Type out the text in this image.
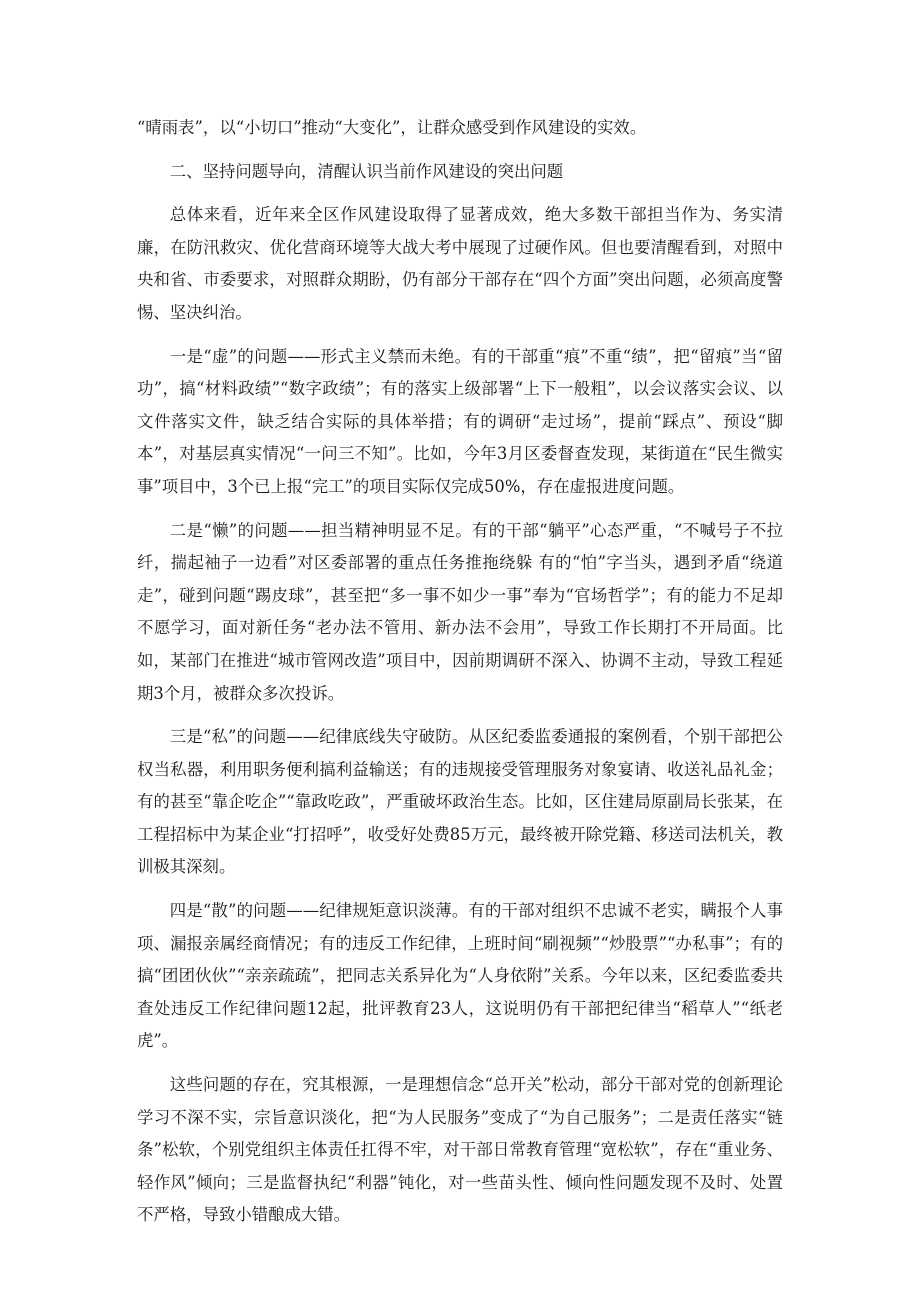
“晴雨表”，以“小切口”推动“大变化”，让群众感受到作风建设的实效。

二、坚持问题导向，清醒认识当前作风建设的突出问题

总体来看，近年来全区作风建设取得了显著成效，绝大多数干部担当作为、务实清廉，在防汛救灾、优化营商环境等大战大考中展现了过硬作风。但也要清醒看到，对照中央和省、市委要求，对照群众期盼，仍有部分干部存在“四个方面”突出问题，必须高度警惕、坚决纠治。

一是“虚”的问题——形式主义禁而未绝。有的干部重“痕”不重“绩”，把“留痕”当“留功”，搞“材料政绩”“数字政绩”；有的落实上级部署“上下一般粗”，以会议落实会议、以文件落实文件，缺乏结合实际的具体举措；有的调研“走过场”，提前“踩点”、预设“脚本”，对基层真实情况“一问三不知”。比如，今年3月区委督查发现，某街道在“民生微实事”项目中，3个已上报“完工”的项目实际仅完成50%，存在虚报进度问题。

二是“懒”的问题——担当精神明显不足。有的干部“躺平”心态严重，“不喊号子不拉纤，揣起袖子一边看”对区委部署的重点任务推拖绕躲 有的“怕”字当头，遇到矛盾“绕道走”，碰到问题“踢皮球”，甚至把“多一事不如少一事”奉为“官场哲学”；有的能力不足却不愿学习，面对新任务“老办法不管用、新办法不会用”，导致工作长期打不开局面。比如，某部门在推进“城市管网改造”项目中，因前期调研不深入、协调不主动，导致工程延期3个月，被群众多次投诉。

三是“私”的问题——纪律底线失守破防。从区纪委监委通报的案例看，个别干部把公权当私器，利用职务便利搞利益输送；有的违规接受管理服务对象宴请、收送礼品礼金；有的甚至“靠企吃企”“靠政吃政”，严重破坏政治生态。比如，区住建局原副局长张某，在工程招标中为某企业“打招呼”，收受好处费85万元，最终被开除党籍、移送司法机关，教训极其深刻。

四是“散”的问题——纪律规矩意识淡薄。有的干部对组织不忠诚不老实，瞒报个人事项、漏报亲属经商情况；有的违反工作纪律，上班时间“刷视频”“炒股票”“办私事”；有的搞“团团伙伙”“亲亲疏疏”，把同志关系异化为“人身依附”关系。今年以来，区纪委监委共查处违反工作纪律问题12起，批评教育23人，这说明仍有干部把纪律当“稻草人”“纸老虎”。

这些问题的存在，究其根源，一是理想信念“总开关”松动，部分干部对党的创新理论学习不深不实，宗旨意识淡化，把“为人民服务”变成了“为自己服务”；二是责任落实“链条”松软，个别党组织主体责任扛得不牢，对干部日常教育管理“宽松软”，存在“重业务、轻作风”倾向；三是监督执纪“利器”钝化，对一些苗头性、倾向性问题发现不及时、处置不严格，导致小错酿成大错。
